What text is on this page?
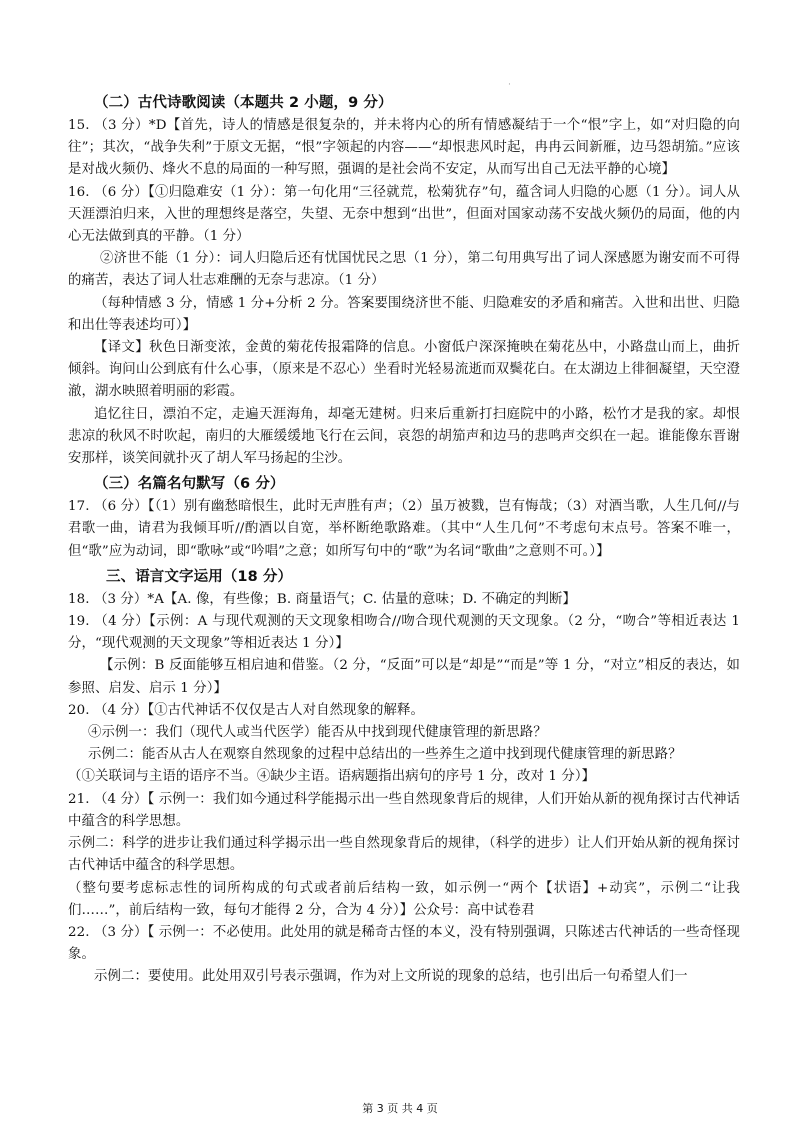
·

（二）古代诗歌阅读（本题共 2 小题，9 分）

15. （3 分）*D【首先，诗人的情感是很复杂的，并未将内心的所有情感凝结于一个“恨”字上，如“对归隐的向往”；其次，“战争失利”于原文无据，“恨”字领起的内容——“却恨悲风时起，冉冉云间新雁，边马怨胡笳。”应该是对战火频仍、烽火不息的局面的一种写照，强调的是社会尚不安定，从而写出自己无法平静的心境】

16. （6 分）【①归隐难安（1 分）：第一句化用“三径就荒，松菊犹存”句，蕴含词人归隐的心愿（1 分）。词人从天涯漂泊归来，入世的理想终是落空，失望、无奈中想到“出世”，但面对国家动荡不安战火频仍的局面，他的内心无法做到真的平静。（1 分）

②济世不能（1 分）：词人归隐后还有忧国忧民之思（1 分），第二句用典写出了词人深感愿为谢安而不可得的痛苦，表达了词人壮志难酬的无奈与悲凉。（1 分）

（每种情感 3 分，情感 1 分+分析 2 分。答案要围绕济世不能、归隐难安的矛盾和痛苦。入世和出世、归隐和出仕等表述均可）】

【译文】秋色日渐变浓，金黄的菊花传报霜降的信息。小窗低户深深掩映在菊花丛中，小路盘山而上，曲折倾斜。询问山公到底有什么心事，（原来是不忍心）坐看时光轻易流逝而双鬓花白。在太湖边上徘徊凝望，天空澄澈，湖水映照着明丽的彩霞。

追忆往日，漂泊不定，走遍天涯海角，却毫无建树。归来后重新打扫庭院中的小路，松竹才是我的家。却恨悲凉的秋风不时吹起，南归的大雁缓缓地飞行在云间，哀怨的胡笳声和边马的悲鸣声交织在一起。谁能像东晋谢安那样，谈笑间就扑灭了胡人军马扬起的尘沙。

（三）名篇名句默写（6 分）

17. （6 分）【（1）别有幽愁暗恨生，此时无声胜有声；（2）虽万被戮，岂有悔哉；（3）对酒当歌，人生几何//与君歌一曲，请君为我倾耳听//酌酒以自宽，举杯断绝歌路难。（其中“人生几何”不考虑句末点号。答案不唯一，但“歌”应为动词，即“歌咏”或“吟唱”之意；如所写句中的“歌”为名词“歌曲”之意则不可。）】

三、语言文字运用（18 分）

18. （3 分）*A【A. 像，有些像；B. 商量语气；C. 估量的意味；D. 不确定的判断】

19. （4 分）【示例：A 与现代观测的天文现象相吻合//吻合现代观测的天文现象。（2 分，“吻合”等相近表达 1 分，“现代观测的天文现象”等相近表达 1 分）】

【示例：B 反面能够互相启迪和借鉴。（2 分，“反面”可以是“却是”“而是”等 1 分，“对立”相反的表达，如参照、启发、启示 1 分）】

20. （4 分）【①古代神话不仅仅是古人对自然现象的解释。

④示例一：我们（现代人或当代医学）能否从中找到现代健康管理的新思路？

示例二：能否从古人在观察自然现象的过程中总结出的一些养生之道中找到现代健康管理的新思路？

（①关联词与主语的语序不当。④缺少主语。语病题指出病句的序号 1 分，改对 1 分）】

21. （4 分）【 示例一：我们如今通过科学能揭示出一些自然现象背后的规律，人们开始从新的视角探讨古代神话中蕴含的科学思想。

示例二：科学的进步让我们通过科学揭示出一些自然现象背后的规律，（科学的进步）让人们开始从新的视角探讨古代神话中蕴含的科学思想。

（整句要考虑标志性的词所构成的句式或者前后结构一致，如示例一“两个【状语】+动宾”，示例二“让我们……”，前后结构一致，每句才能得 2 分，合为 4 分）】公众号：高中试卷君

22. （3 分）【 示例一：不必使用。此处用的就是稀奇古怪的本义，没有特别强调，只陈述古代神话的一些奇怪现象。

示例二：要使用。此处用双引号表示强调，作为对上文所说的现象的总结，也引出后一句希望人们一

第 3 页 共 4 页
